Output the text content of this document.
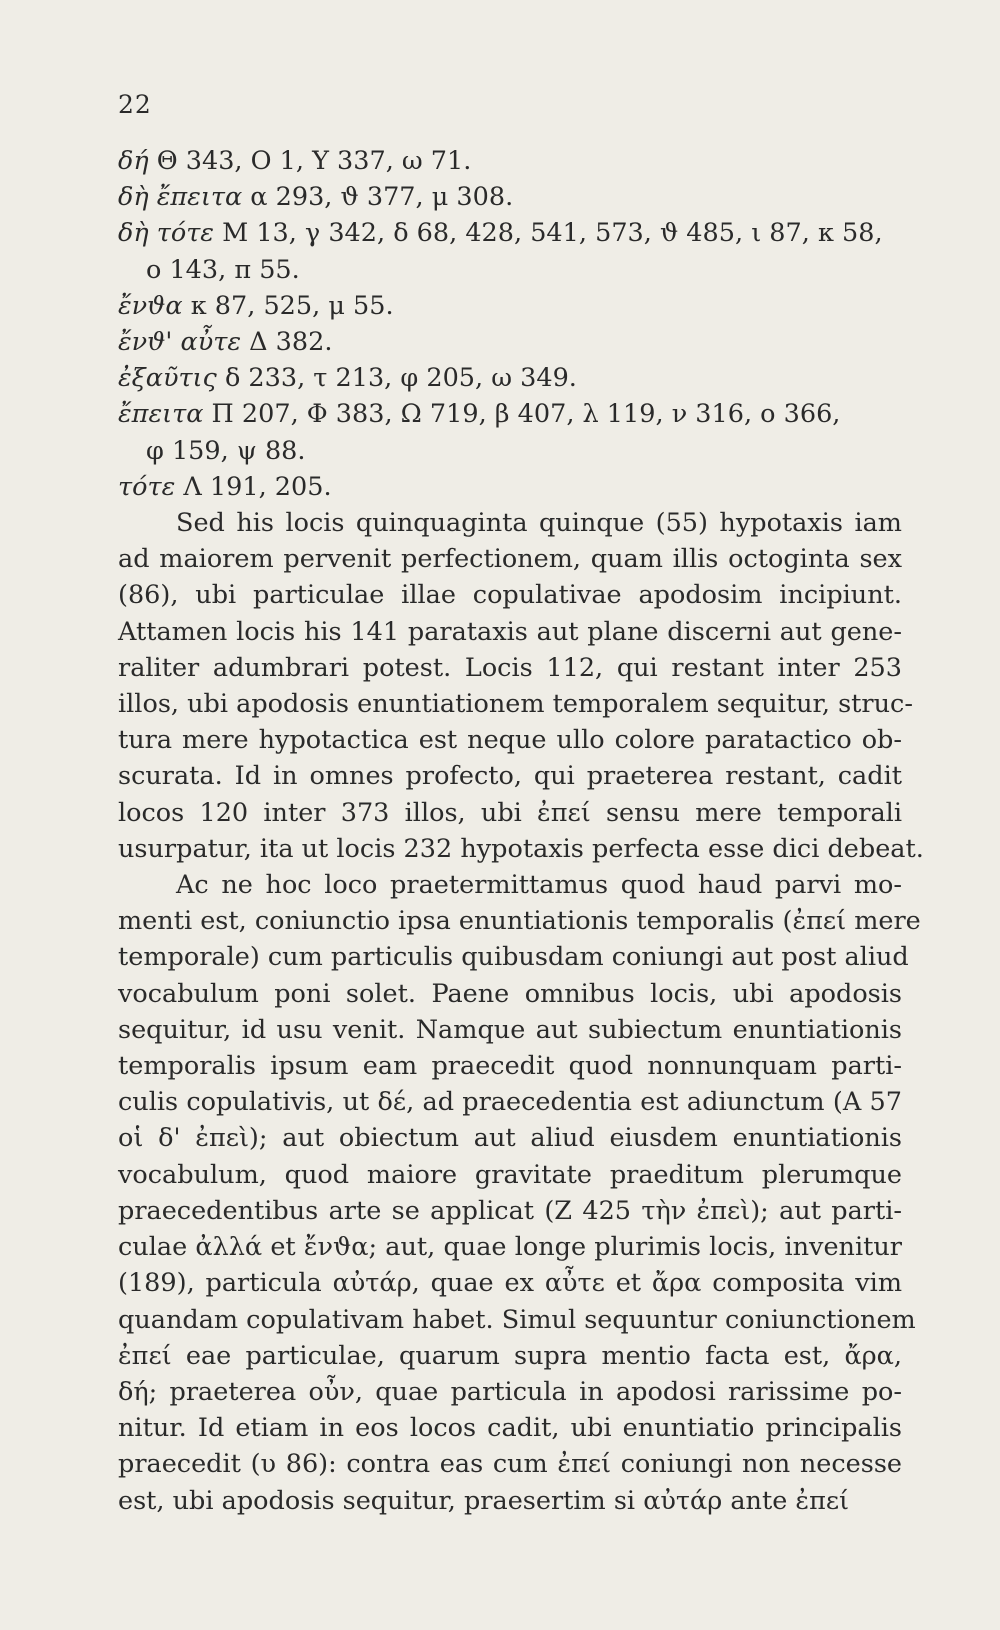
22
δή Θ 343, Ο 1, Υ 337, ω 71.
δὴ ἔπειτα α 293, ϑ 377, μ 308.
δὴ τότε M 13, γ 342, δ 68, 428, 541, 573, ϑ 485, ι 87, κ 58,
ο 143, π 55.
ἔνϑα κ 87, 525, μ 55.
ἔνϑ' αὖτε Δ 382.
ἐξαῦτις δ 233, τ 213, φ 205, ω 349.
ἔπειτα Π 207, Φ 383, Ω 719, β 407, λ 119, ν 316, ο 366,
φ 159, ψ 88.
τότε Λ 191, 205.

Sed his locis quinquaginta quinque (55) hypotaxis iam
ad maiorem pervenit perfectionem, quam illis octoginta sex
(86), ubi particulae illae copulativae apodosim incipiunt.
Attamen locis his 141 parataxis aut plane discerni aut gene-
raliter adumbrari potest. Locis 112, qui restant inter 253
illos, ubi apodosis enuntiationem temporalem sequitur, struc-
tura mere hypotactica est neque ullo colore paratactico ob-
scurata. Id in omnes profecto, qui praeterea restant, cadit
locos 120 inter 373 illos, ubi ἐπεί sensu mere temporali
usurpatur, ita ut locis 232 hypotaxis perfecta esse dici debeat.

Ac ne hoc loco praetermittamus quod haud parvi mo-
menti est, coniunctio ipsa enuntiationis temporalis (ἐπεί mere
temporale) cum particulis quibusdam coniungi aut post aliud
vocabulum poni solet. Paene omnibus locis, ubi apodosis
sequitur, id usu venit. Namque aut subiectum enuntiationis
temporalis ipsum eam praecedit quod nonnunquam parti-
culis copulativis, ut δέ, ad praecedentia est adiunctum (Α 57
οἱ δ' ἐπεὶ); aut obiectum aut aliud eiusdem enuntiationis
vocabulum, quod maiore gravitate praeditum plerumque
praecedentibus arte se applicat (Ζ 425 τὴν ἐπεὶ); aut parti-
culae ἀλλά et ἔνϑα; aut, quae longe plurimis locis, invenitur
(189), particula αὐτάρ, quae ex αὖτε et ἄρα composita vim
quandam copulativam habet. Simul sequuntur coniunctionem
ἐπεί eae particulae, quarum supra mentio facta est, ἄρα,
δή; praeterea οὖν, quae particula in apodosi rarissime po-
nitur. Id etiam in eos locos cadit, ubi enuntiatio principalis
praecedit (υ 86): contra eas cum ἐπεί coniungi non necesse
est, ubi apodosis sequitur, praesertim si αὐτάρ ante ἐπεί
